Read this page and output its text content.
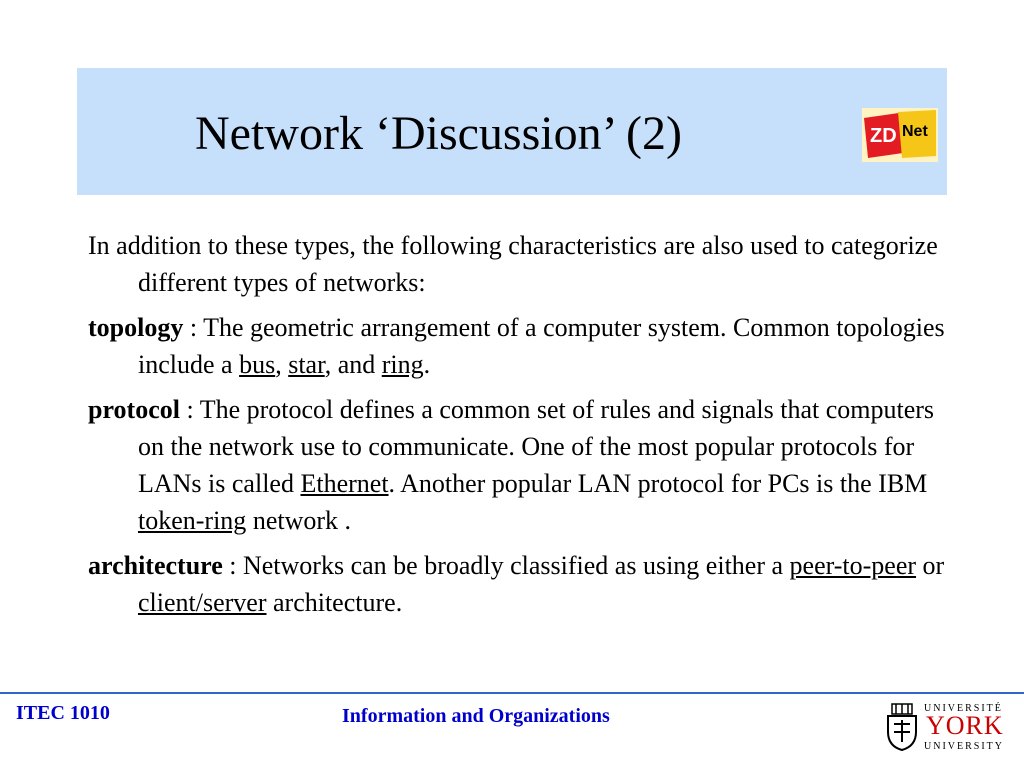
Network ‘Discussion’ (2)	ZD Net

In addition to these types, the following characteristics are also used to categorize different types of networks:

topology : The geometric arrangement of a computer system. Common topologies include a bus, star, and ring.

protocol : The protocol defines a common set of rules and signals that computers on the network use to communicate. One of the most popular protocols for LANs is called Ethernet. Another popular LAN protocol for PCs is the IBM token-ring network .

architecture : Networks can be broadly classified as using either a peer-to-peer or client/server architecture.

ITEC 1010	Information and Organizations	UNIVERSITÉ
YORK
UNIVERSITY
